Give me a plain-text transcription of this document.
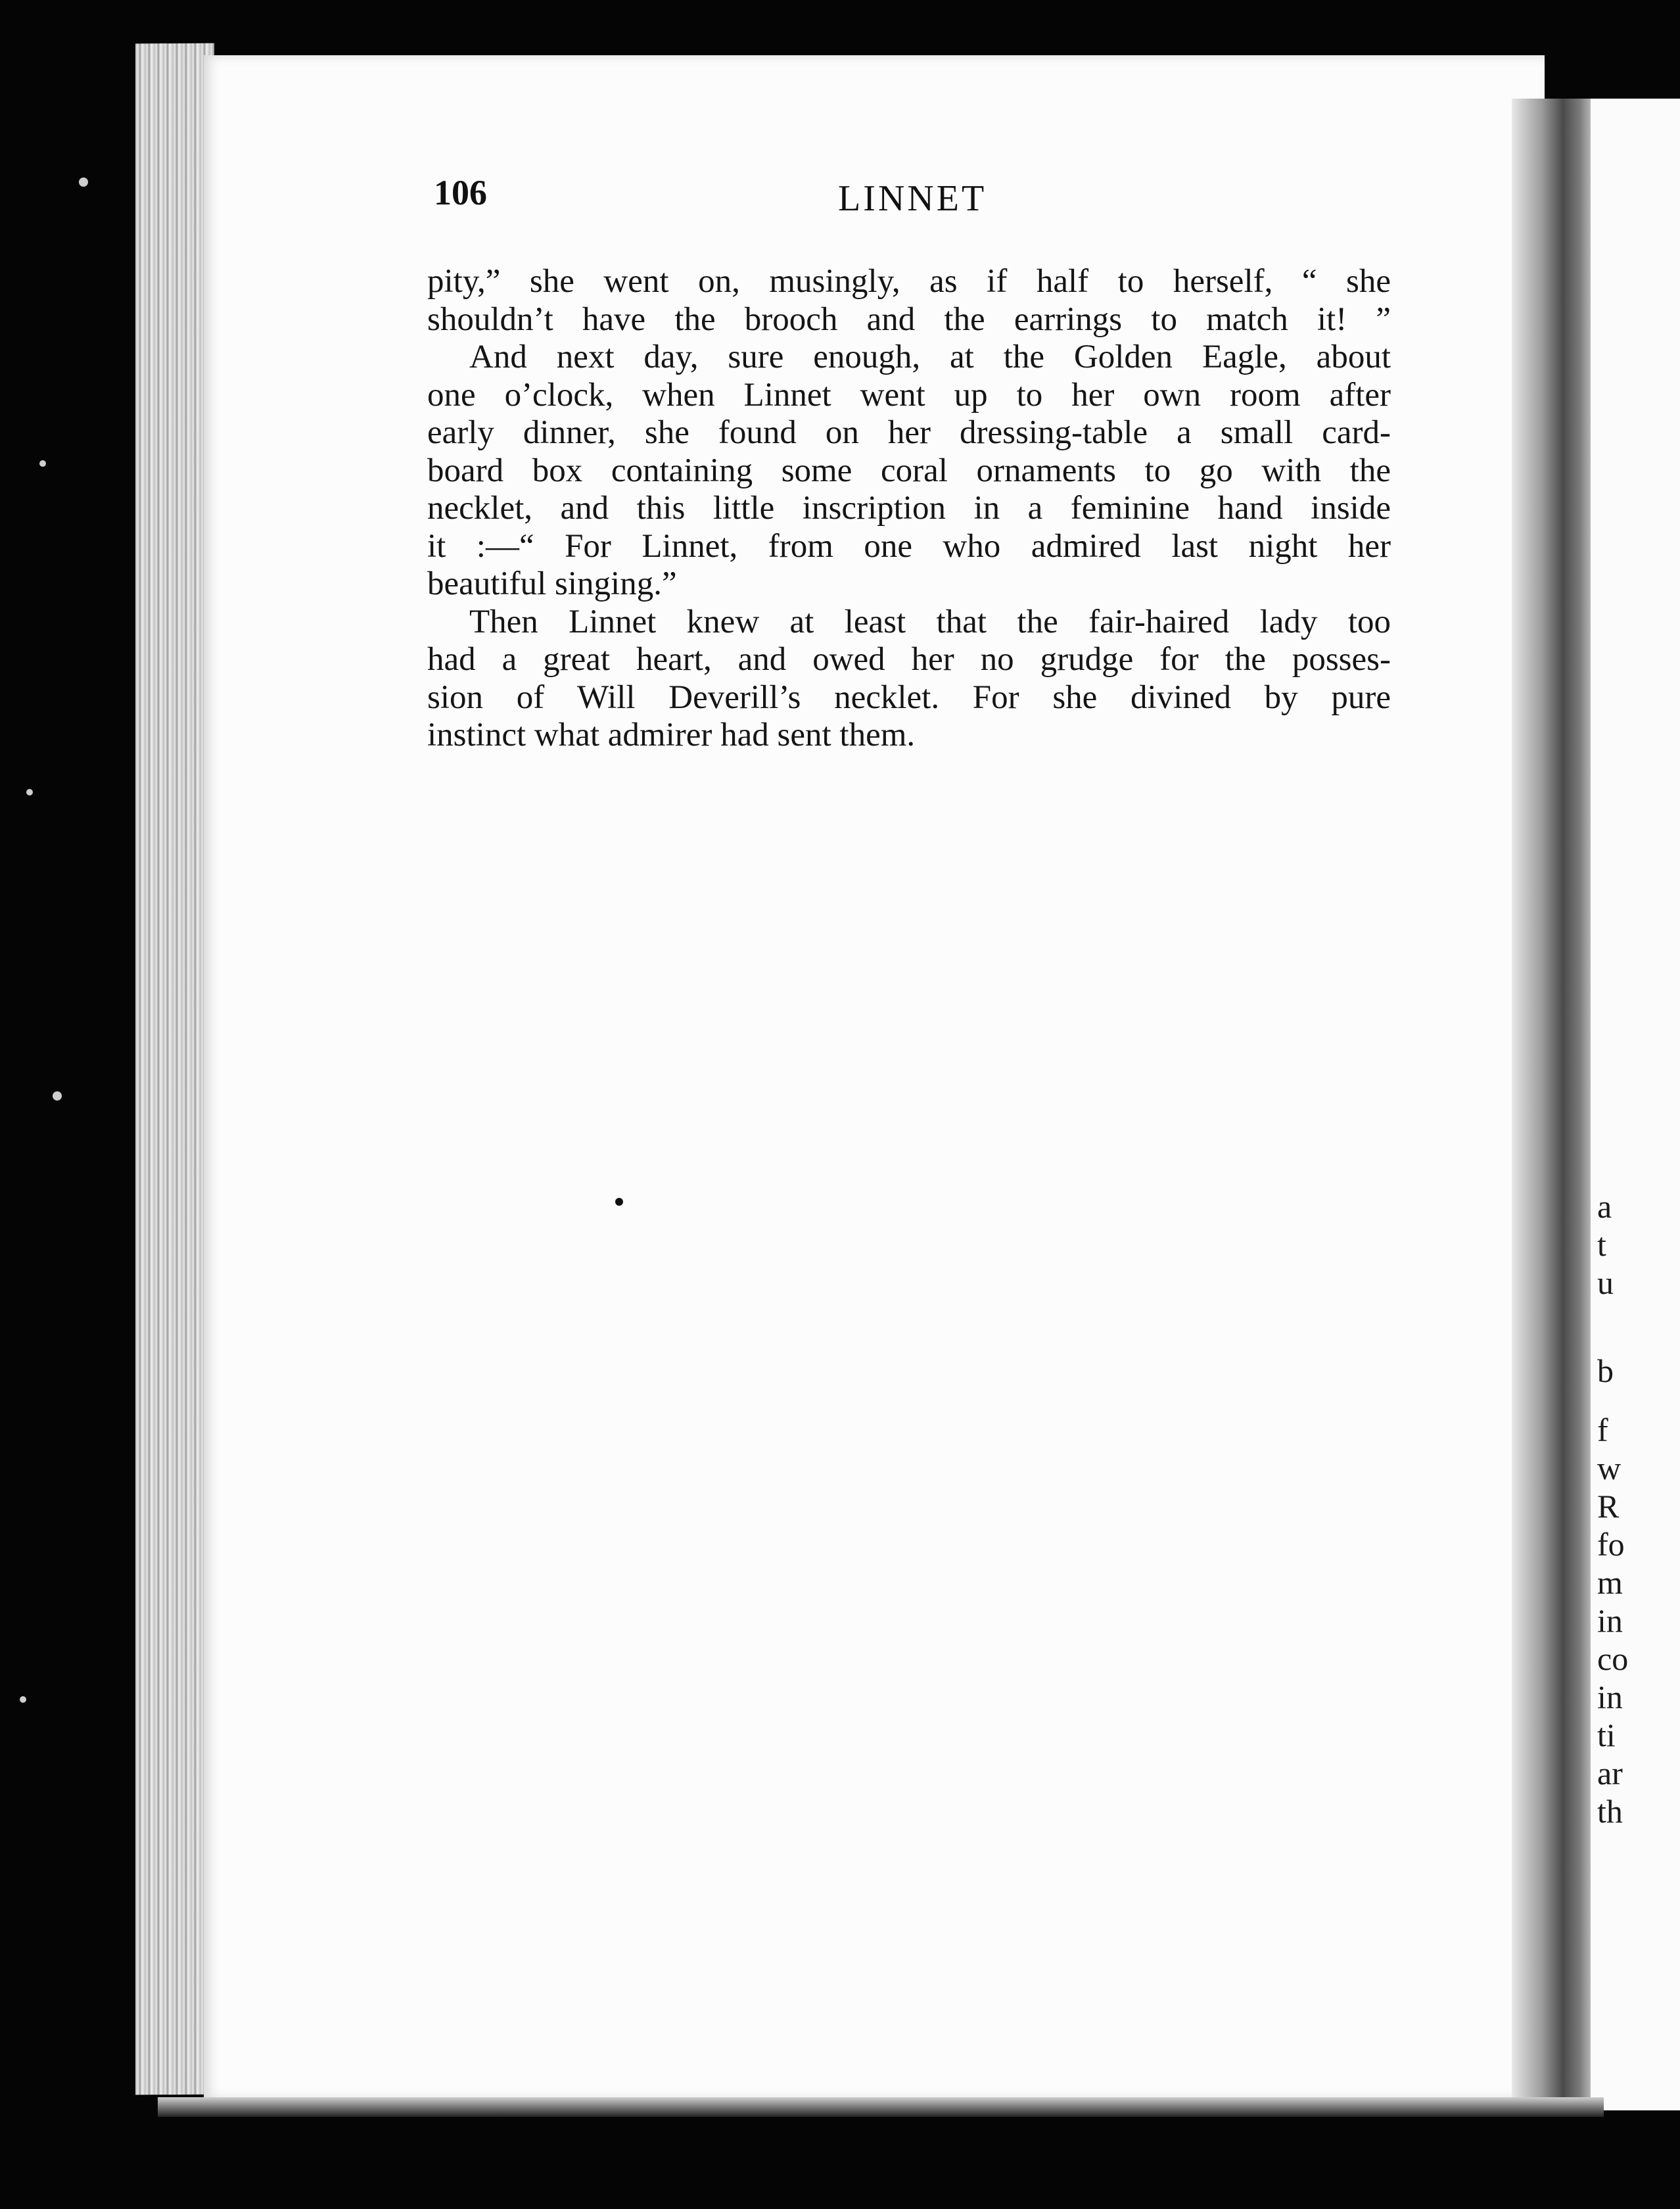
106	LINNET
pity,” she went on, musingly, as if half to herself, “ she
shouldn’t have the brooch and the earrings to match it! ”
And next day, sure enough, at the Golden Eagle, about
one o’clock, when Linnet went up to her own room after
early dinner, she found on her dressing-table a small card-
board box containing some coral ornaments to go with the
necklet, and this little inscription in a feminine hand inside
it :—“ For Linnet, from one who admired last night her
beautiful singing.”
Then Linnet knew at least that the fair-haired lady too
had a great heart, and owed her no grudge for the posses-
sion of Will Deverill’s necklet. For she divined by pure
instinct what admirer had sent them.
a
t
u
b
f
w
R
fo
m
in
co
in
ti
ar
th
